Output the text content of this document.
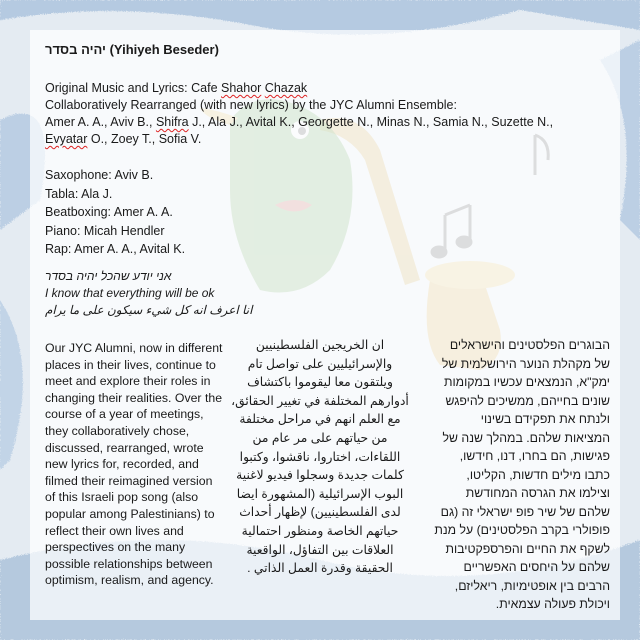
יהיה בסדר (Yihiyeh Beseder)
Original Music and Lyrics: Cafe Shahor Chazak
Collaboratively Rearranged (with new lyrics) by the JYC Alumni Ensemble:
Amer A. A., Aviv B., Shifra J., Ala J., Avital K., Georgette N., Minas N., Samia N., Suzette N.,
Evyatar O., Zoey T., Sofia V.
Saxophone: Aviv B.
Tabla: Ala J.
Beatboxing: Amer A. A.
Piano: Micah Hendler
Rap: Amer A. A., Avital K.
אני יודע שהכל יהיה בסדר
I know that everything will be ok
انا اعرف انه كل شيء سيكون على ما يرام
Our JYC Alumni, now in different
places in their lives, continue to
meet and explore their roles in
changing their realities. Over the
course of a year of meetings,
they collaboratively chose,
discussed, rearranged, wrote
new lyrics for, recorded, and
filmed their reimagined version
of this Israeli pop song (also
popular among Palestinians) to
reflect their own lives and
perspectives on the many
possible relationships between
optimism, realism, and agency.
ان الخريجين الفلسطينيين
والإسرائيليين على تواصل تام
ويلتقون معا ليقوموا باكتشاف
أدوارهم المختلفة في تغيير الحقائق،
مع العلم انهم في مراحل مختلفة
من حياتهم على مر عام من
اللقاءات، اختاروا، ناقشوا، وكتبوا
كلمات جديدة وسجلوا فيديو لاغنية
البوب الإسرائيلية (المشهورة ايضا
لدى الفلسطينيين) لإظهار أحداث
حياتهم الخاصة ومنظور احتمالية
العلاقات بين التفاؤل، الواقعية
الحقيقة وقدرة العمل الذاتي .
הבוגרים הפלסטינים והישראלים
של מקהלת הנוער הירושלמית של
ימק"א, הנמצאים עכשיו במקומות
שונים בחייהם, ממשיכים להיפגש
ולנתח את תפקידם בשינוי
המציאות שלהם. במהלך שנה של
פגישות, הם בחרו, דנו, חידשו,
כתבו מילים חדשות, הקליטו,
וצילמו את הגרסה המחודשת
שלהם של שיר פופ ישראלי זה (גם
פופולרי בקרב הפלסטינים) על מנת
לשקף את החיים והפרספקטיבות
שלהם על היחסים האפשריים
הרבים בין אופטימיות, ריאליזם,
ויכולת פעולה עצמאית.
